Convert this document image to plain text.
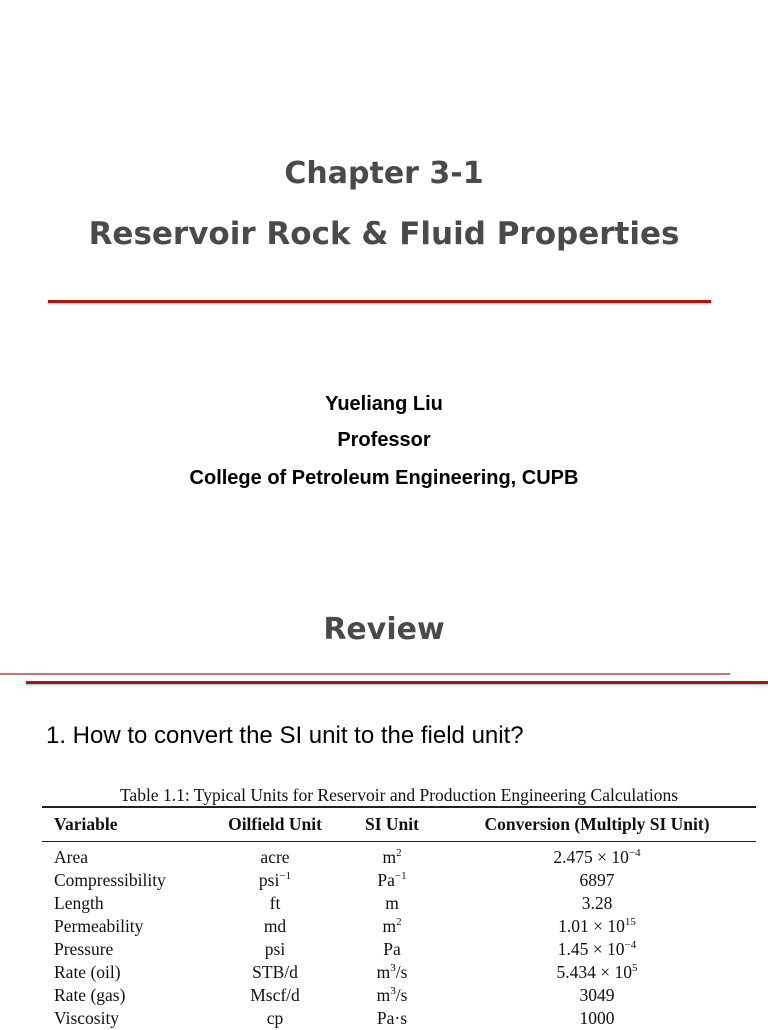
Chapter 3-1
Reservoir Rock & Fluid Properties
Yueliang Liu
Professor
College of Petroleum Engineering, CUPB
Review
1. How to convert the SI unit to the field unit?
Table 1.1: Typical Units for Reservoir and Production Engineering Calculations
Variable	Oilfield Unit	SI Unit	Conversion (Multiply SI Unit)
Area	acre	$m^2$	$2.475 \times 10^{-4}$
Compressibility	psi$^{-1}$	$Pa^{-1}$	6897
Length	ft	m	3.28
Permeability	md	$m^2$	$1.01 \times 10^{15}$
Pressure	psi	Pa	$1.45 \times 10^{-4}$
Rate (oil)	STB/d	$m^3/s$	$5.434 \times 10^5$
Rate (gas)	Mscf/d	$m^3/s$	3049
Viscosity	cp	Pa·s	1000
